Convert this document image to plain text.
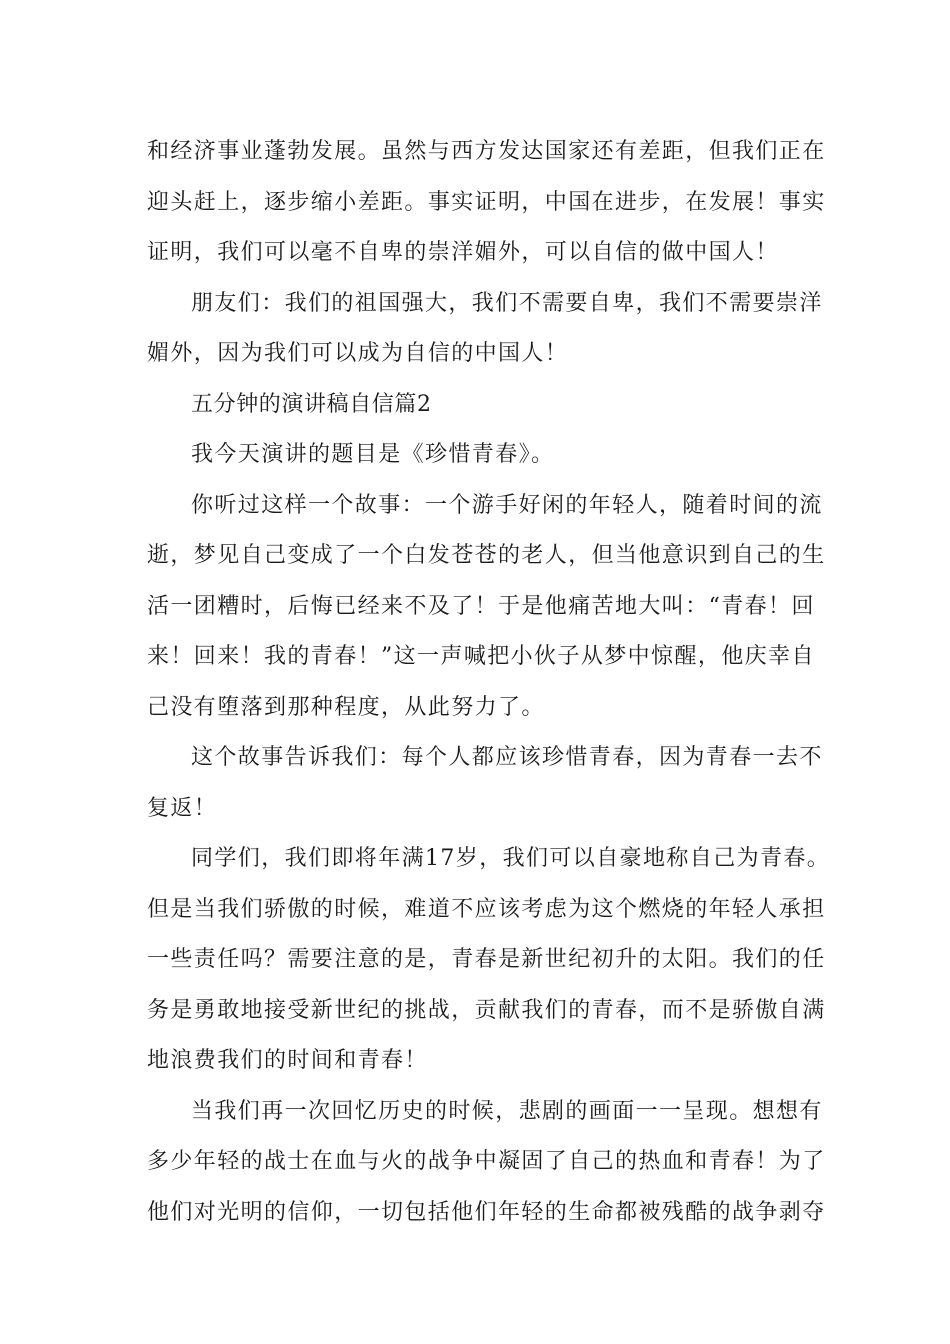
和经济事业蓬勃发展。虽然与西方发达国家还有差距，但我们正在
迎头赶上，逐步缩小差距。事实证明，中国在进步，在发展！事实
证明，我们可以毫不自卑的崇洋媚外，可以自信的做中国人！
朋友们：我们的祖国强大，我们不需要自卑，我们不需要崇洋
媚外，因为我们可以成为自信的中国人！
五分钟的演讲稿自信篇2
我今天演讲的题目是《珍惜青春》。
你听过这样一个故事：一个游手好闲的年轻人，随着时间的流
逝，梦见自己变成了一个白发苍苍的老人，但当他意识到自己的生
活一团糟时，后悔已经来不及了！于是他痛苦地大叫：“青春！回
来！回来！我的青春！”这一声喊把小伙子从梦中惊醒，他庆幸自
己没有堕落到那种程度，从此努力了。
这个故事告诉我们：每个人都应该珍惜青春，因为青春一去不
复返！
同学们，我们即将年满17岁，我们可以自豪地称自己为青春。
但是当我们骄傲的时候，难道不应该考虑为这个燃烧的年轻人承担
一些责任吗？需要注意的是，青春是新世纪初升的太阳。我们的任
务是勇敢地接受新世纪的挑战，贡献我们的青春，而不是骄傲自满
地浪费我们的时间和青春！
当我们再一次回忆历史的时候，悲剧的画面一一呈现。想想有
多少年轻的战士在血与火的战争中凝固了自己的热血和青春！为了
他们对光明的信仰，一切包括他们年轻的生命都被残酷的战争剥夺
